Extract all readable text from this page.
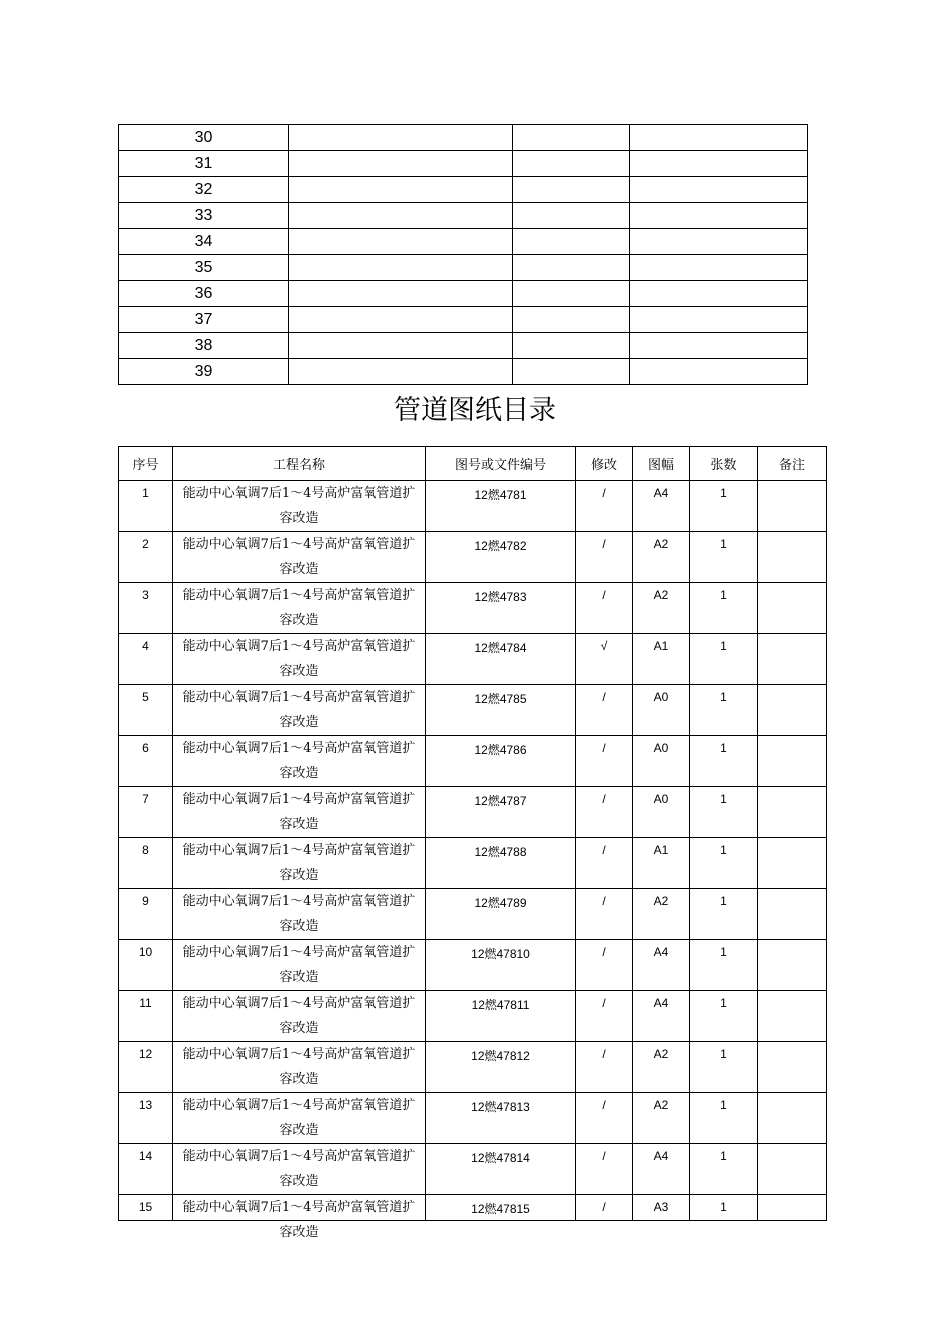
30			
31			
32			
33			
34			
35			
36			
37			
38			
39			
管道图纸目录
序号	工程名称	图号或文件编号	修改	图幅	张数	备注
1	能动中心氧调7后1～4号高炉富氧管道扩容改造	12燃4781	/	A4	1	
2	能动中心氧调7后1～4号高炉富氧管道扩容改造	12燃4782	/	A2	1	
3	能动中心氧调7后1～4号高炉富氧管道扩容改造	12燃4783	/	A2	1	
4	能动中心氧调7后1～4号高炉富氧管道扩容改造	12燃4784	√	A1	1	
5	能动中心氧调7后1～4号高炉富氧管道扩容改造	12燃4785	/	A0	1	
6	能动中心氧调7后1～4号高炉富氧管道扩容改造	12燃4786	/	A0	1	
7	能动中心氧调7后1～4号高炉富氧管道扩容改造	12燃4787	/	A0	1	
8	能动中心氧调7后1～4号高炉富氧管道扩容改造	12燃4788	/	A1	1	
9	能动中心氧调7后1～4号高炉富氧管道扩容改造	12燃4789	/	A2	1	
10	能动中心氧调7后1～4号高炉富氧管道扩容改造	12燃47810	/	A4	1	
11	能动中心氧调7后1～4号高炉富氧管道扩容改造	12燃47811	/	A4	1	
12	能动中心氧调7后1～4号高炉富氧管道扩容改造	12燃47812	/	A2	1	
13	能动中心氧调7后1～4号高炉富氧管道扩容改造	12燃47813	/	A2	1	
14	能动中心氧调7后1～4号高炉富氧管道扩容改造	12燃47814	/	A4	1	
15	能动中心氧调7后1～4号高炉富氧管道扩容改造	12燃47815	/	A3	1	
